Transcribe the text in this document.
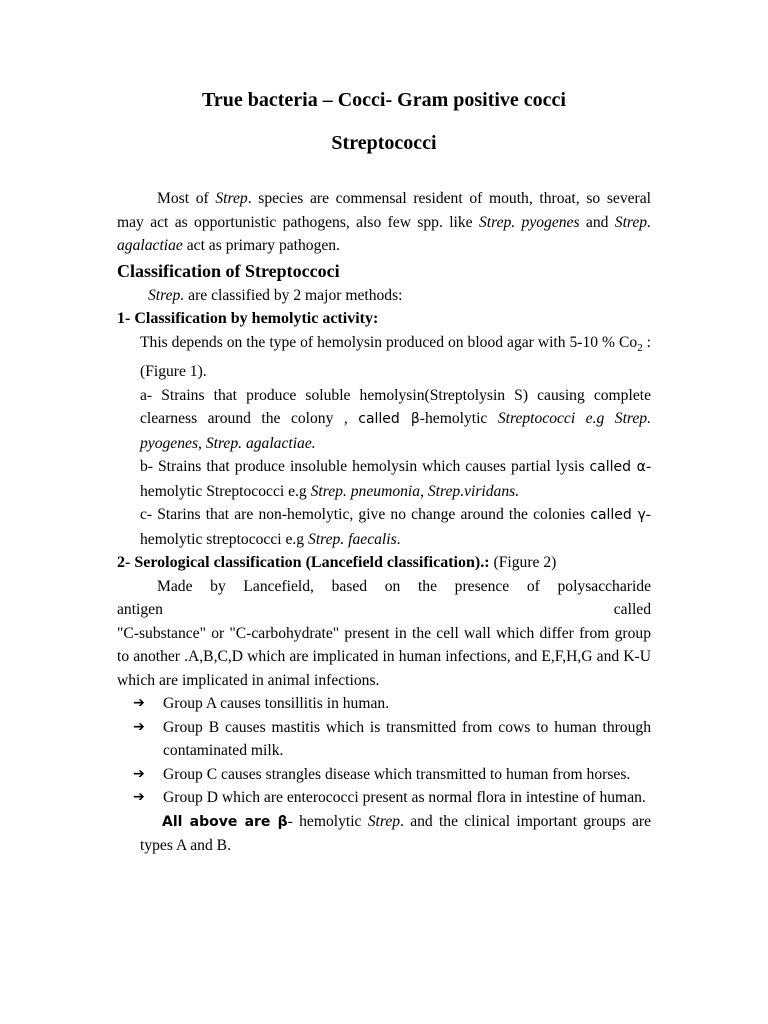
True bacteria – Cocci- Gram positive cocci
Streptococci

Most of Strep. species are commensal resident of mouth, throat, so several may act as opportunistic pathogens, also few spp. like Strep. pyogenes and Strep. agalactiae act as primary pathogen.

Classification of Streptoccoci

Strep. are classified by 2 major methods:

1- Classification by hemolytic activity:

This depends on the type of hemolysin produced on blood agar with 5-10 % $Co_2$ : (Figure 1).

a- Strains that produce soluble hemolysin(Streptolysin S) causing complete clearness around the colony , called β-hemolytic Streptococci e.g Strep. pyogenes, Strep. agalactiae.

b- Strains that produce insoluble hemolysin which causes partial lysis called α-hemolytic Streptococci e.g Strep. pneumonia, Strep.viridans.

c- Starins that are non-hemolytic, give no change around the colonies called γ-hemolytic streptococci e.g Strep. faecalis.

2- Serological classification (Lancefield classification).: (Figure 2)

Made by Lancefield, based on the presence of polysaccharide

antigen	called

"C-substance" or "C-carbohydrate" present in the cell wall which differ from group to another .A,B,C,D which are implicated in human infections, and E,F,H,G and K-U which are implicated in animal infections.

➔	Group A causes tonsillitis in human.
➔	Group B causes mastitis which is transmitted from cows to human through contaminated milk.
➔	Group C causes strangles disease which transmitted to human from horses.
➔	Group D which are enterococci present as normal flora in intestine of human.

All above are β- hemolytic Strep. and the clinical important groups are types A and B.
